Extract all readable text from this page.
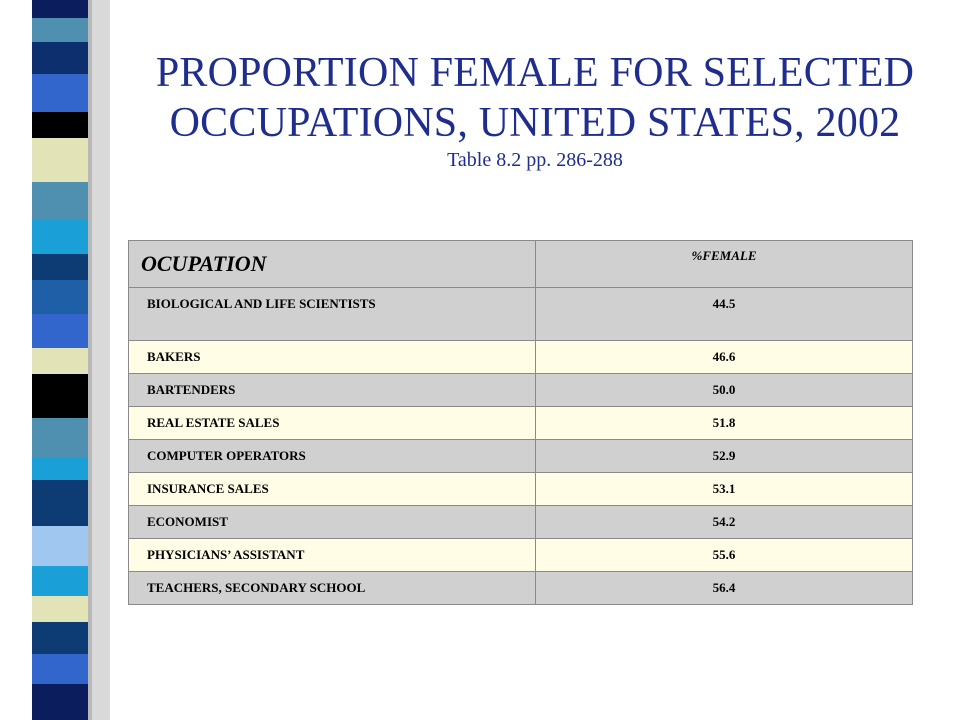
PROPORTION FEMALE FOR SELECTED
OCCUPATIONS, UNITED STATES, 2002
Table 8.2 pp. 286-288
OCUPATION	%FEMALE
BIOLOGICAL AND LIFE SCIENTISTS	44.5
BAKERS	46.6
BARTENDERS	50.0
REAL ESTATE SALES	51.8
COMPUTER OPERATORS	52.9
INSURANCE SALES	53.1
ECONOMIST	54.2
PHYSICIANS’ ASSISTANT	55.6
TEACHERS, SECONDARY SCHOOL	56.4
